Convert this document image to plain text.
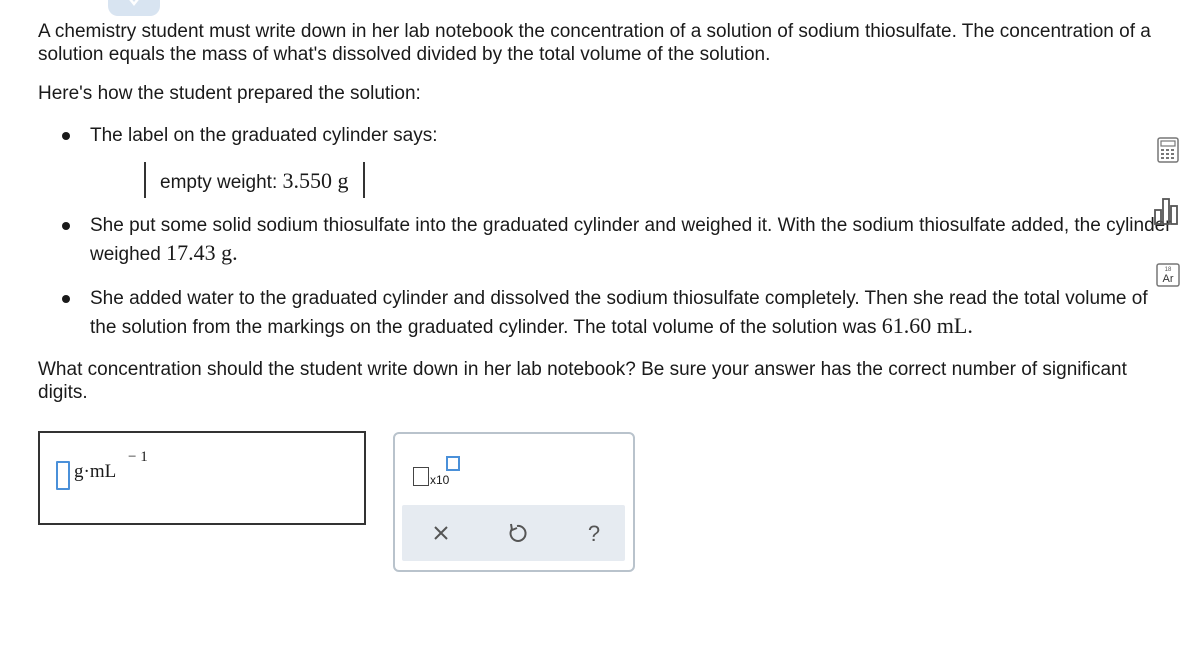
A chemistry student must write down in her lab notebook the concentration of a solution of sodium thiosulfate. The concentration of a solution equals the mass of what's dissolved divided by the total volume of the solution.

Here's how the student prepared the solution:

The label on the graduated cylinder says:
empty weight: 3.550 g
She put some solid sodium thiosulfate into the graduated cylinder and weighed it. With the sodium thiosulfate added, the cylinder weighed 17.43 g.
She added water to the graduated cylinder and dissolved the sodium thiosulfate completely. Then she read the total volume of the solution from the markings on the graduated cylinder. The total volume of the solution was 61.60 mL.

What concentration should the student write down in her lab notebook? Be sure your answer has the correct number of significant digits.

g·mL
− 1
x10
?
18
Ar
